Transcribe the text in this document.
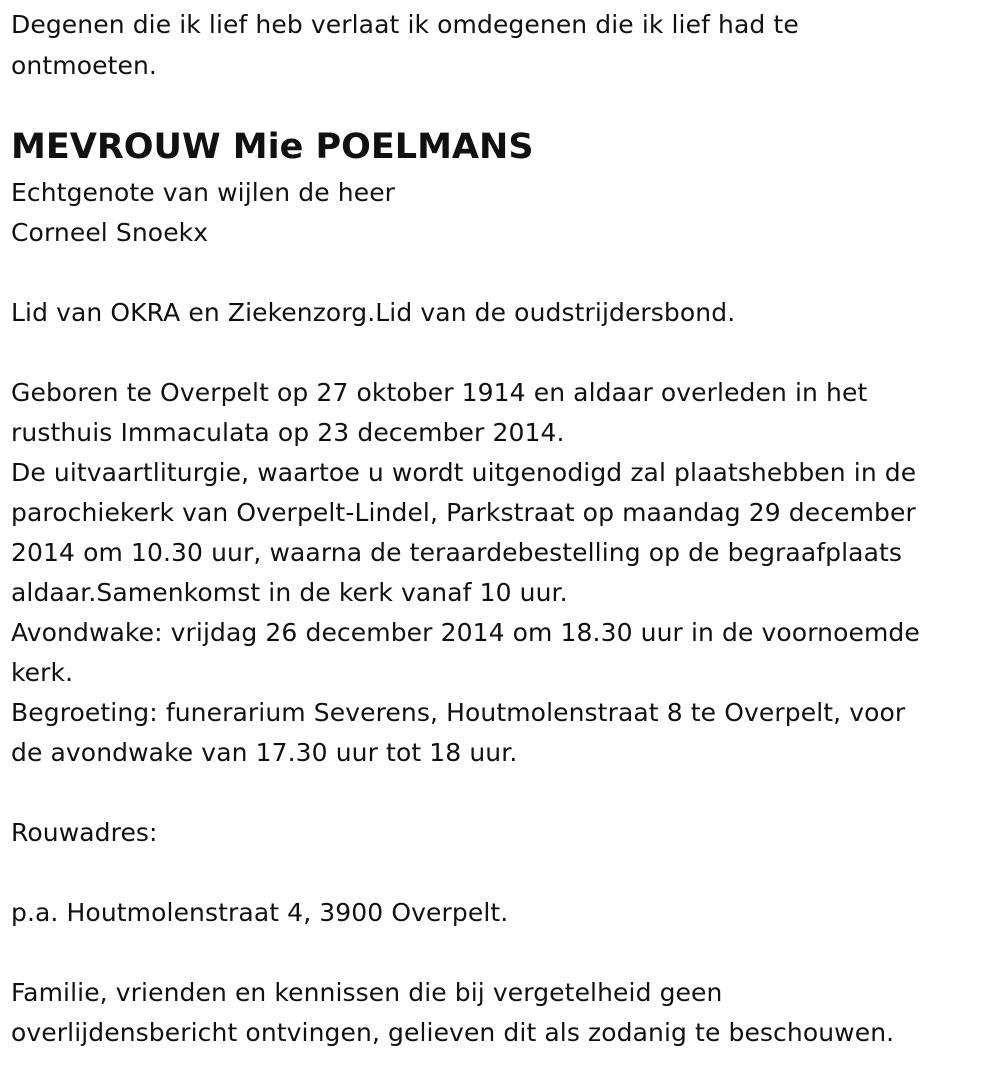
Degenen die ik lief heb verlaat ik omdegenen die ik lief had te

ontmoeten.

MEVROUW Mie POELMANS

Echtgenote van wijlen de heer

Corneel Snoekx

Lid van OKRA en Ziekenzorg.Lid van de oudstrijdersbond.

Geboren te Overpelt op 27 oktober 1914 en aldaar overleden in het

rusthuis Immaculata op 23 december 2014.

De uitvaartliturgie, waartoe u wordt uitgenodigd zal plaatshebben in de

parochiekerk van Overpelt-Lindel, Parkstraat op maandag 29 december

2014 om 10.30 uur, waarna de teraardebestelling op de begraafplaats

aldaar.Samenkomst in de kerk vanaf 10 uur.

Avondwake: vrijdag 26 december 2014 om 18.30 uur in de voornoemde

kerk.

Begroeting: funerarium Severens, Houtmolenstraat 8 te Overpelt, voor

de avondwake van 17.30 uur tot 18 uur.

Rouwadres:

p.a. Houtmolenstraat 4, 3900 Overpelt.

Familie, vrienden en kennissen die bij vergetelheid geen

overlijdensbericht ontvingen, gelieven dit als zodanig te beschouwen.
